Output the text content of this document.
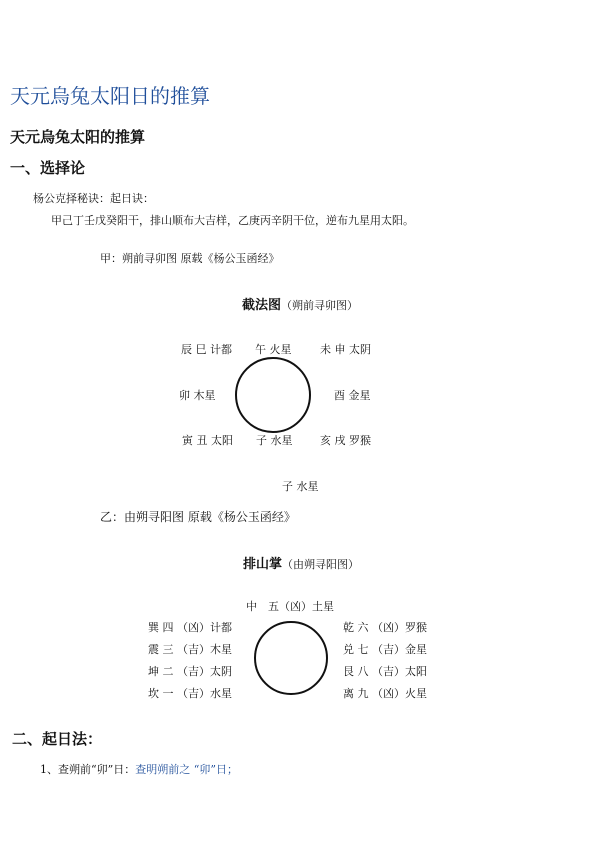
天元烏兔太阳日的推算
天元烏兔太阳的推算
一、选择论
杨公克择秘诀：起日诀：
甲己丁壬戊癸阳干，排山顺布大吉样，乙庚丙辛阴干位，逆布九星用太阳。
甲：朔前寻卯图 原载《杨公玉函经》
截法图（朔前寻卯图）
辰 巳 计都 午 火星	未 申 太阴
卯 木星	酉 金星
寅 丑 太阳 子 水星	亥 戌 罗猴
子 水星
乙：由朔寻阳图 原载《杨公玉函经》
排山掌（由朔寻阳图）
中　五（凶）土星
巽 四 （凶）计都
震 三 （吉）木星
坤 二 （吉）太阴
坎 一 （吉）水星
乾 六 （凶）罗猴
兑 七 （吉）金星
艮 八 （吉）太阳
离 九 （凶）火星
二、起日法：
1、查朔前“卯”日：查明朔前之 “卯”日；
